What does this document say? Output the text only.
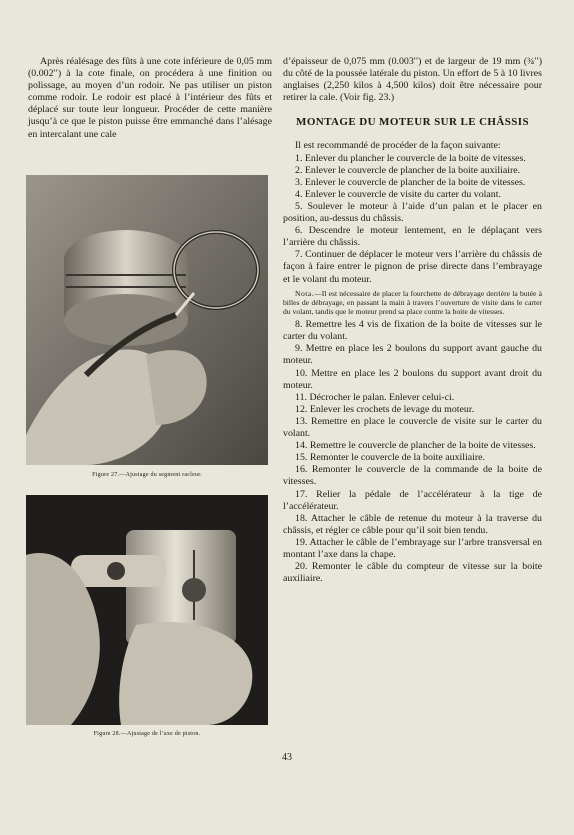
Après réalésage des fûts à une cote inférieure de 0,05 mm (0.002′′) à la cote finale, on procédera à une finition ou polissage, au moyen d’un rodoir. Ne pas utiliser un piston comme rodoir. Le rodoir est placé à l’intérieur des fûts et déplacé sur toute leur longueur. Procéder de cette manière jusqu’à ce que le piston puisse être emmanché dans l’alésage en intercalant une cale

Figure 27.—Ajustage du segment racleur.
Figure 28.—Ajustage de l’axe de piston.

d’épaisseur de 0,075 mm (0.003′′) et de largeur de 19 mm (¾′′) du côté de la poussée latérale du piston. Un effort de 5 à 10 livres anglaises (2,250 kilos à 4,500 kilos) doit être nécessaire pour retirer la cale. (Voir fig. 23.)

MONTAGE DU MOTEUR SUR LE CHÂSSIS

Il est recommandé de procéder de la façon suivante:

1. Enlever du plancher le couvercle de la boite de vitesses.

2. Enlever le couvercle de plancher de la boite auxiliaire.

3. Enlever le couvercle de plancher de la boite de vitesses.

4. Enlever le couvercle de visite du carter du volant.

5. Soulever le moteur à l’aide d’un palan et le placer en position, au-dessus du châssis.

6. Descendre le moteur lentement, en le déplaçant vers l’arrière du châssis.

7. Continuer de déplacer le moteur vers l’arrière du châssis de façon à faire entrer le pignon de prise directe dans l’embrayage et le volant du moteur.

Nota.—Il est nécessaire de placer la fourchette de débrayage derrière la butée à billes de débrayage, en passant la main à travers l’ouverture de visite dans le carter du volant, tandis que le moteur prend sa place contre la boite de vitesses.

8. Remettre les 4 vis de fixation de la boite de vitesses sur le carter du volant.

9. Mettre en place les 2 boulons du support avant gauche du moteur.

10. Mettre en place les 2 boulons du support avant droit du moteur.

11. Décrocher le palan. Enlever celui-ci.

12. Enlever les crochets de levage du moteur.

13. Remettre en place le couvercle de visite sur le carter du volant.

14. Remettre le couvercle de plancher de la boite de vitesses.

15. Remonter le couvercle de la boite auxiliaire.

16. Remonter le couvercle de la commande de la boite de vitesses.

17. Relier la pédale de l’accélérateur à la tige de l’accélérateur.

18. Attacher le câble de retenue du moteur à la traverse du châssis, et régler ce câble pour qu’il soit bien tendu.

19. Attacher le câble de l’embrayage sur l’arbre transversal en montant l’axe dans la chape.

20. Remonter le câble du compteur de vitesse sur la boite auxiliaire.

43
